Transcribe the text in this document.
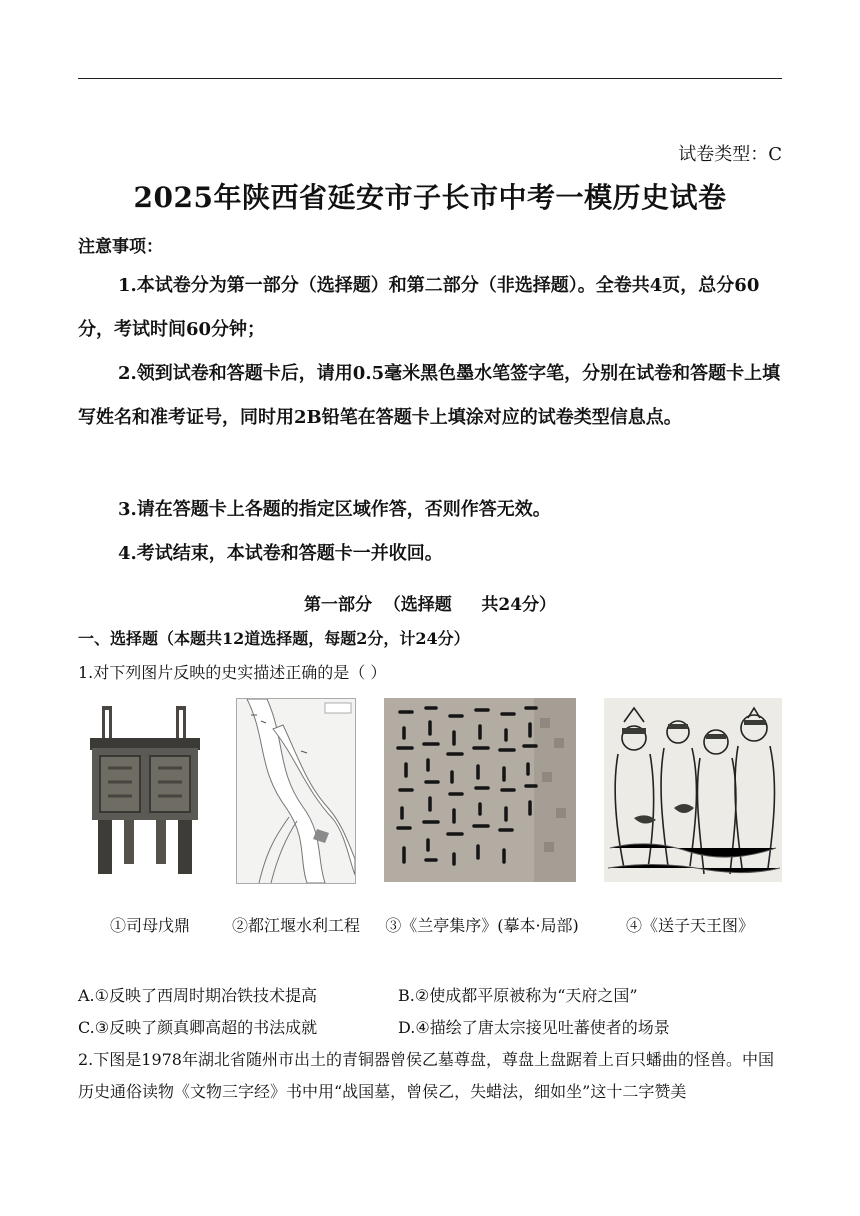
试卷类型：C
2025年陕西省延安市子长市中考一模历史试卷
注意事项：
1.本试卷分为第一部分（选择题）和第二部分（非选择题）。全卷共4页，总分60分，考试时间60分钟；
2.领到试卷和答题卡后，请用0.5毫米黑色墨水笔签字笔，分别在试卷和答题卡上填写姓名和准考证号，同时用2B铅笔在答题卡上填涂对应的试卷类型信息点。
3.请在答题卡上各题的指定区域作答，否则作答无效。
4.考试结束，本试卷和答题卡一并收回。
第一部分  （选择题     共24分）
一、选择题（本题共12道选择题，每题2分，计24分）
1.对下列图片反映的史实描述正确的是（ ）
①司母戊鼎	②都江堰水利工程	③《兰亭集序》(摹本·局部)	④《送子天王图》
A.①反映了西周时期冶铁技术提高	B.②使成都平原被称为“天府之国”
C.③反映了颜真卿高超的书法成就	D.④描绘了唐太宗接见吐蕃使者的场景
2.下图是1978年湖北省随州市出土的青铜器曾侯乙墓尊盘，尊盘上盘踞着上百只蟠曲的怪兽。中国历史通俗读物《文物三字经》书中用“战国墓，曾侯乙，失蜡法，细如坐”这十二字赞美
